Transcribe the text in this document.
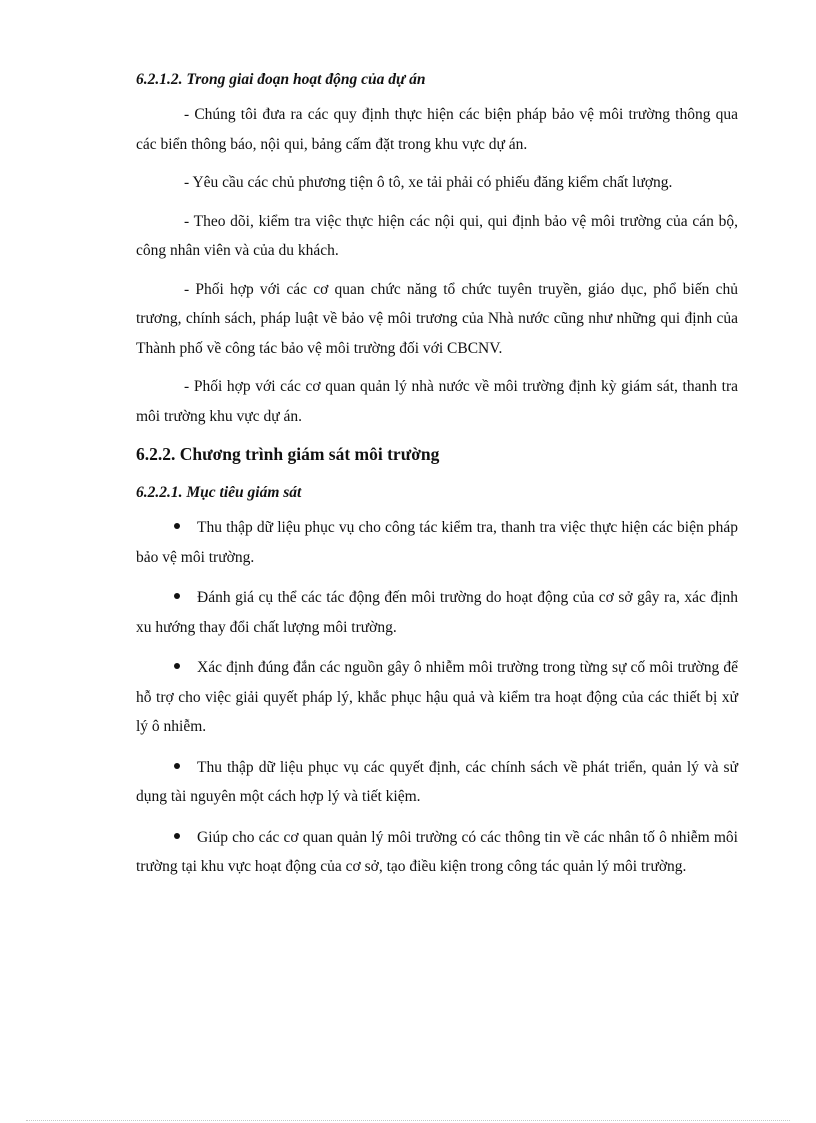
6.2.1.2. Trong giai đoạn hoạt động của dự án

- Chúng tôi đưa ra các quy định thực hiện các biện pháp bảo vệ môi trường thông qua các biển thông báo, nội qui, bảng cấm đặt trong khu vực dự án.

- Yêu cầu các chủ phương tiện ô tô, xe tải phải có phiếu đăng kiểm chất lượng.

- Theo dõi, kiểm tra việc thực hiện các nội qui, qui định bảo vệ môi trường của cán bộ, công nhân viên và của du khách.

- Phối hợp với các cơ quan chức năng tổ chức tuyên truyền, giáo dục, phổ biến chủ trương, chính sách, pháp luật về bảo vệ môi trương của Nhà nước cũng như những qui định của Thành phố về công tác bảo vệ môi trường đối với CBCNV.

- Phối hợp với các cơ quan quản lý nhà nước về môi trường định kỳ giám sát, thanh tra môi trường khu vực dự án.

6.2.2. Chương trình giám sát môi trường

6.2.2.1. Mục tiêu giám sát

Thu thập dữ liệu phục vụ cho công tác kiểm tra, thanh tra việc thực hiện các biện pháp bảo vệ môi trường.
Đánh giá cụ thể các tác động đến môi trường do hoạt động của cơ sở gây ra, xác định xu hướng thay đổi chất lượng môi trường.
Xác định đúng đắn các nguồn gây ô nhiễm môi trường trong từng sự cố môi trường để hỗ trợ cho việc giải quyết pháp lý, khắc phục hậu quả và kiểm tra hoạt động của các thiết bị xử lý ô nhiễm.
Thu thập dữ liệu phục vụ các quyết định, các chính sách về phát triển, quản lý và sử dụng tài nguyên một cách hợp lý và tiết kiệm.
Giúp cho các cơ quan quản lý môi trường có các thông tin về các nhân tố ô nhiễm môi trường tại khu vực hoạt động của cơ sở, tạo điều kiện trong công tác quản lý môi trường.
